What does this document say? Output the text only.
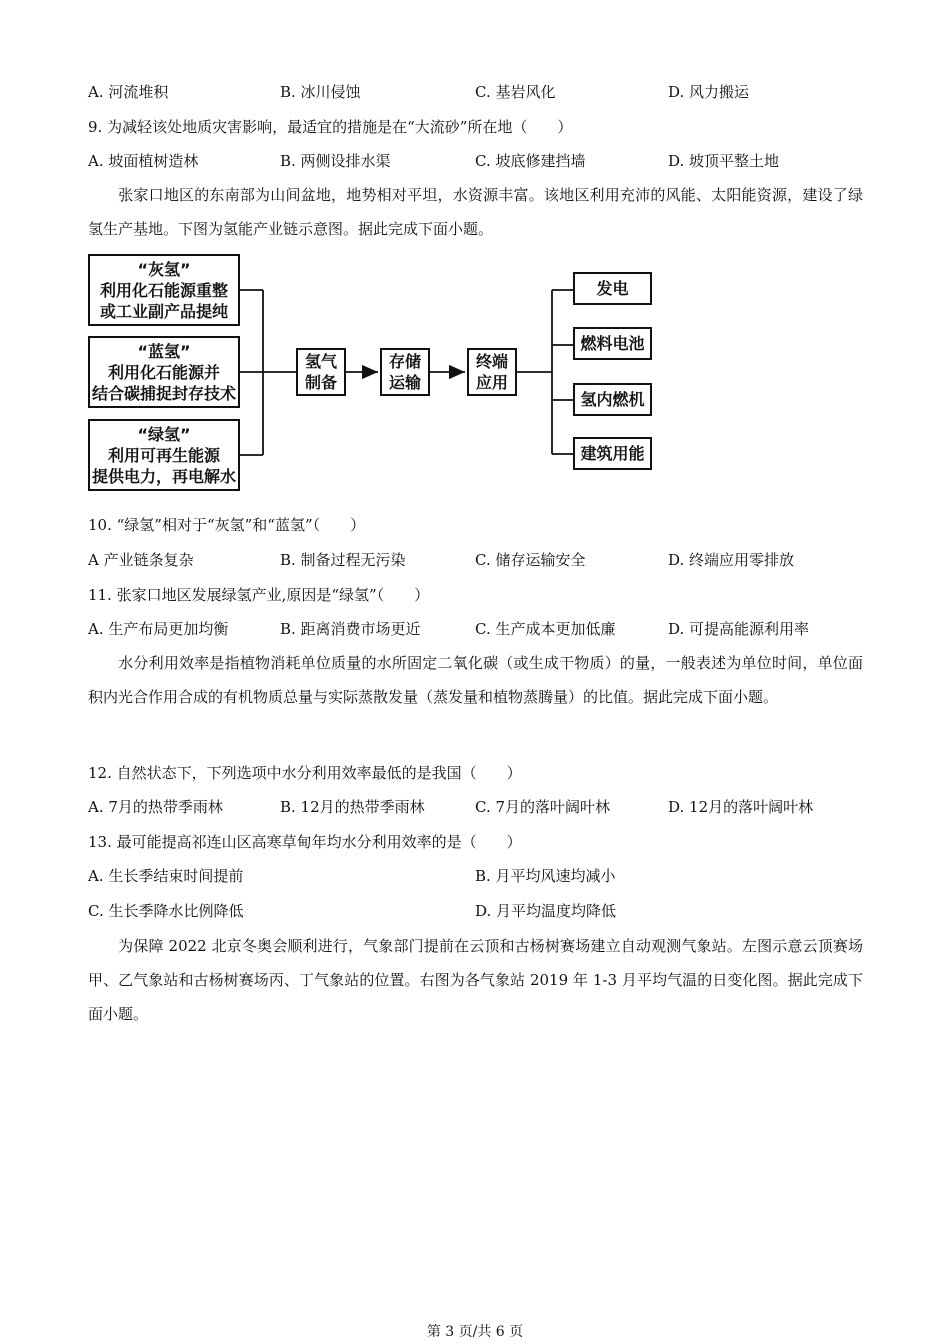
A. 河流堆积	B. 冰川侵蚀	C. 基岩风化	D. 风力搬运
9. 为减轻该处地质灾害影响，最适宜的措施是在“大流砂”所在地（　　）
A. 坡面植树造林	B. 两侧设排水渠	C. 坡底修建挡墙	D. 坡顶平整土地
张家口地区的东南部为山间盆地，地势相对平坦，水资源丰富。该地区利用充沛的风能、太阳能资源，建设了绿氢生产基地。下图为氢能产业链示意图。据此完成下面小题。
“灰氢”
利用化石能源重整
或工业副产品提纯
“蓝氢”
利用化石能源并
结合碳捕捉封存技术
“绿氢”
利用可再生能源
提供电力，再电解水
氢气
制备
存储
运输
终端
应用
发电
燃料电池
氢内燃机
建筑用能
10. “绿氢”相对于“灰氢”和“蓝氢”（　　）
A 产业链条复杂	B. 制备过程无污染	C. 储存运输安全	D. 终端应用零排放
11. 张家口地区发展绿氢产业,原因是“绿氢”（　　）
A. 生产布局更加均衡	B. 距离消费市场更近	C. 生产成本更加低廉	D. 可提高能源利用率
水分利用效率是指植物消耗单位质量的水所固定二氧化碳（或生成干物质）的量，一般表述为单位时间，单位面积内光合作用合成的有机物质总量与实际蒸散发量（蒸发量和植物蒸腾量）的比值。据此完成下面小题。
12. 自然状态下，下列选项中水分利用效率最低的是我国（　　）
A. 7月的热带季雨林	B. 12月的热带季雨林	C. 7月的落叶阔叶林	D. 12月的落叶阔叶林
13. 最可能提高祁连山区高寒草甸年均水分利用效率的是（　　）
A. 生长季结束时间提前	B. 月平均风速均减小
C. 生长季降水比例降低	D. 月平均温度均降低
为保障 2022 北京冬奥会顺利进行，气象部门提前在云顶和古杨树赛场建立自动观测气象站。左图示意云顶赛场甲、乙气象站和古杨树赛场丙、丁气象站的位置。右图为各气象站 2019 年 1-3 月平均气温的日变化图。据此完成下面小题。
第 3 页/共 6 页
